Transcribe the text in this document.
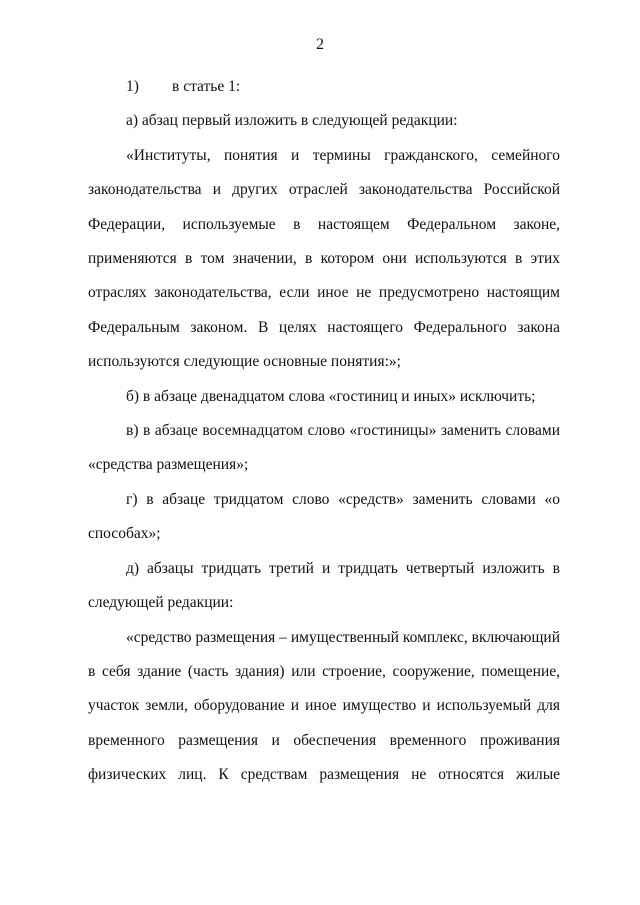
2

1) в статье 1:

а) абзац первый изложить в следующей редакции:

«Институты, понятия и термины гражданского, семейного законодательства и других отраслей законодательства Российской Федерации, используемые в настоящем Федеральном законе, применяются в том значении, в котором они используются в этих отраслях законодательства, если иное не предусмотрено настоящим Федеральным законом. В целях настоящего Федерального закона используются следующие основные понятия:»;

б) в абзаце двенадцатом слова «гостиниц и иных» исключить;

в) в абзаце восемнадцатом слово «гостиницы» заменить словами «средства размещения»;

г) в абзаце тридцатом слово «средств» заменить словами «о способах»;

д) абзацы тридцать третий и тридцать четвертый изложить в следующей редакции:

«средство размещения – имущественный комплекс, включающий в себя здание (часть здания) или строение, сооружение, помещение, участок земли, оборудование и иное имущество и используемый для временного размещения и обеспечения временного проживания физических лиц. К средствам размещения не относятся жилые
